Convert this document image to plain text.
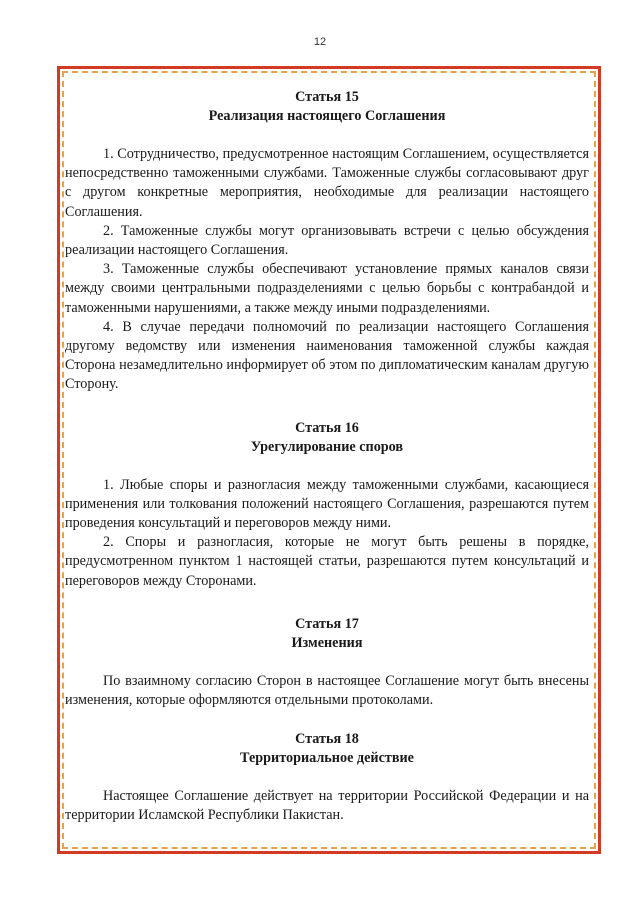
12
Статья 15
Реализация настоящего Соглашения

1. Сотрудничество, предусмотренное настоящим Соглашением, осуществляется непосредственно таможенными службами. Таможенные службы согласовывают друг с другом конкретные мероприятия, необходимые для реализации настоящего Соглашения.

2. Таможенные службы могут организовывать встречи с целью обсуждения реализации настоящего Соглашения.

3. Таможенные службы обеспечивают установление прямых каналов связи между своими центральными подразделениями с целью борьбы с контрабандой и таможенными нарушениями, а также между иными подразделениями.

4. В случае передачи полномочий по реализации настоящего Соглашения другому ведомству или изменения наименования таможенной службы каждая Сторона незамедлительно информирует об этом по дипломатическим каналам другую Сторону.

Статья 16
Урегулирование споров

1. Любые споры и разногласия между таможенными службами, касающиеся применения или толкования положений настоящего Соглашения, разрешаются путем проведения консультаций и переговоров между ними.

2. Споры и разногласия, которые не могут быть решены в порядке, предусмотренном пунктом 1 настоящей статьи, разрешаются путем консультаций и переговоров между Сторонами.

Статья 17
Изменения

По взаимному согласию Сторон в настоящее Соглашение могут быть внесены изменения, которые оформляются отдельными протоколами.

Статья 18
Территориальное действие

Настоящее Соглашение действует на территории Российской Федерации и на территории Исламской Республики Пакистан.
